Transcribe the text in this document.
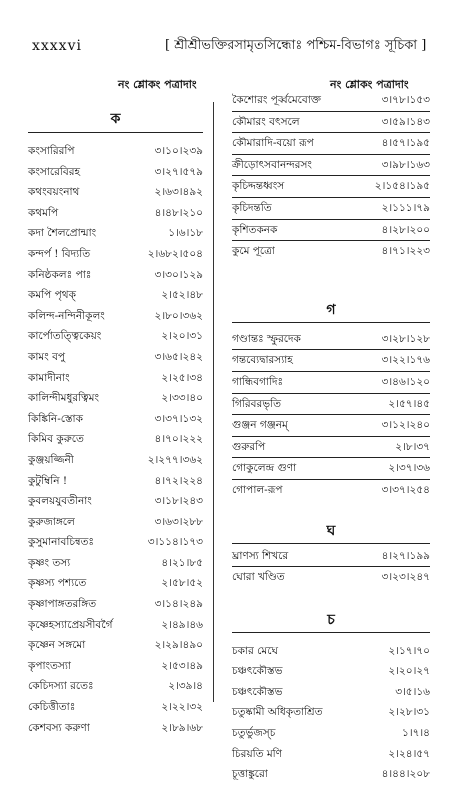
xxxxvi	[ শ্রীশ্রীভক্তিরসামৃতসিন্ধোঃ পশ্চিম-বিভাগঃ সূচিকা ]
নং শ্লোকং পত্রাদাং	নং শ্লোকং পত্রাদাং
ক
কংসারিরপি	৩।১০।২৩৯
কংসারেবিরহ	৩।২৭।৫৭৯
কথংবয়ংনাথ	২।৬৩।৪৯২
কথমপি	৪।৪৮।২১০
কদা শৈলপ্রোন্মাং	১।৬।১৮
কন্দর্প ! বিদ্যতি	২।৬৮২।৫০৪
কনিষ্ঠকলঃ পাঃ	৩।৩০।১২৯
কমপি পৃথক্	২।৫২।৪৮
কলিন্দ-নন্দিনীকূলং	২।৮০।৩৬২
কার্পোতত্ত্বিকেয়ং	২।২০।৩১
কামং বপু	৩।৬৫।২৪২
কামাদীনাং	২।২৫।৩৪
কালিন্দীমধুরত্বিমং	২।৩৩।৪০
কিঙ্কিনি-স্তোক	৩।৩৭।১৩২
কিমিব কুরুতে	৪।৭০।২২২
কুঞ্জয়জ্জিনী	২।২৭৭।৩৬২
কুটুম্বিনি !	৪।৭২।২২৪
কুবলয়যুবতীনাং	৩।১৮।২৪৩
কুরুজাঙ্গলে	৩।৬৩।২৮৮
কুসুমানাবচিন্বতঃ	৩।১১৪।১৭৩
কৃষ্ণং তস্য	৪।২১।৮৫
কৃষ্ণস্য পশ্যতে	২।৫৮।৫২
কৃষ্ণাপাঙ্গতরঙ্গিত	৩।১৪।২৪৯
কৃষ্ণেহস্যাপ্রেয়সীবর্গৈ	২।৪৯।৪৬
কৃষ্ণেন সঙ্গমো	২।২৯।৪৯০
কৃপাংতস্যা	২।৫৩।৪৯
কেচিদস্যা রতেঃ	২।৩৯।৪
কেচিত্তীতাঃ	২।২২।৩২
কেশবস্য করুণা	২।৮৯।৬৮
কৈশোরং পূর্ব্বমেবোক্ত	৩।৭৮।১৫৩
কৌমারং বৎসলে	৩।৫৯।১৪৩
কৌমারাদি-বয়ো রূপ	৪।৫৭।১৯৫
ক্রীড়োৎসবানন্দরসং	৩।৯৮।১৬৩
কৃচিদ্দন্তধ্বংস	২।১৫৪।১৯৫
কৃচিদন্ততি	২।১১১।৭৯
কৃশিতকনক	৪।২৮।২০০
কুমে পূত্রো	৪।৭১।২২৩
গ
গণ্ডান্তঃ স্ফুরদেক	৩।২৮।১২৮
গন্তব্যেদ্বারস্যাহ	৩।২২।১৭৬
গান্ধিবগাদিঃ	৩।৪৬।১২০
গিরিবরভৃতি	২।৫৭।৪৫
গুঞ্জন গঞ্জনম্	৩।১২।২৪০
গুরুরপি	২।৮।৩৭
গোকুলেন্দ্র গুণা	২।৩৭।৩৬
গোপাল-রূপ	৩।৩৭।২৫৪
ঘ
ঘ্রাণস্য শিখরে	৪।২৭।১৯৯
ঘোরা খণ্ডিত	৩।২৩।২৪৭
চ
চকার মেঘে	২।১৭।৭০
চঞ্চৎকৌস্তভ	২।২০।২৭
চঞ্চৎকৌস্তভ	৩।৫।১৬
চতুষ্কামী অধিকৃতাশ্রিত	২।২৮।৩১
চতুর্ভুজস্চ	১।৭।৪
চিরয়তি মণি	২।২৪।৫৭
চূত্তাঙ্কুরো	৪।৪৪।২০৮
